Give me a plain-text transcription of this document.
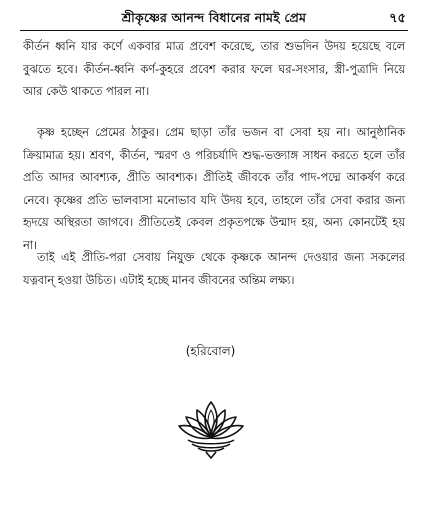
শ্রীকৃষ্ণের আনন্দ বিধানের নামই প্রেম	৭৫

কীর্তন ধ্বনি যার কর্ণে একবার মাত্র প্রবেশ করেছে, তার শুভদিন উদয় হয়েছে বলে বুঝতে হবে। কীর্তন-ধ্বনি কর্ণ-কুহরে প্রবেশ করার ফলে ঘর-সংসার, স্ত্রী-পুত্রাদি নিয়ে আর কেউ থাকতে পারল না।

কৃষ্ণ হচ্ছেন প্রেমের ঠাকুর। প্রেম ছাড়া তাঁর ভজন বা সেবা হয় না। আনুষ্ঠানিক ক্রিয়ামাত্র হয়। শ্রবণ, কীর্তন, স্মরণ ও পরিচর্যাদি শুদ্ধ-ভক্ত্যাঙ্গ সাধন করতে হলে তাঁর প্রতি আদর আবশ্যক, প্রীতি আবশ্যক। প্রীতিই জীবকে তাঁর পাদ-পদ্মে আকর্ষণ করে নেবে। কৃষ্ণের প্রতি ভালবাসা মনোভাব যদি উদয় হবে, তাহলে তাঁর সেবা করার জন্য হৃদয়ে অস্থিরতা জাগবে। প্রীতিতেই কেবল প্রকৃতপক্ষে উন্মাদ হয়, অন্য কোনটেই হয় না।

তাই এই প্রীতি-পরা সেবায় নিযুক্ত থেকে কৃষ্ণকে আনন্দ দেওয়ার জন্য সকলের যত্নবান্ হওয়া উচিত। এটাই হচ্ছে মানব জীবনের অন্তিম লক্ষ্য।

(হরিবোল)
